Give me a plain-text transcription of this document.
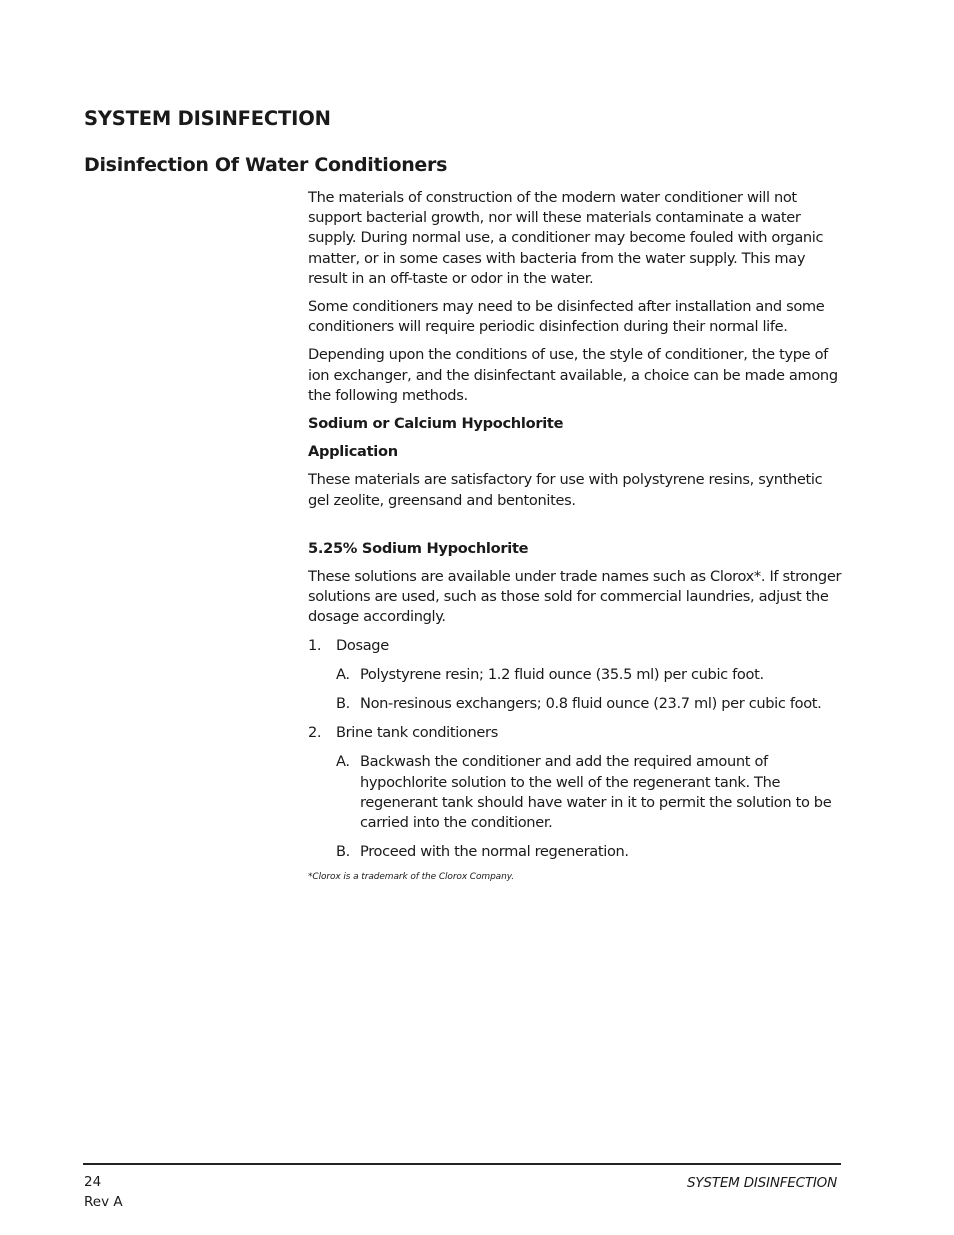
SYSTEM DISINFECTION
Disinfection Of Water Conditioners

The materials of construction of the modern water conditioner will not support bacterial growth, nor will these materials contaminate a water supply. During normal use, a conditioner may become fouled with organic matter, or in some cases with bacteria from the water supply. This may result in an off-taste or odor in the water.

Some conditioners may need to be disinfected after installation and some conditioners will require periodic disinfection during their normal life.

Depending upon the conditions of use, the style of conditioner, the type of ion exchanger, and the disinfectant available, a choice can be made among the following methods.

Sodium or Calcium Hypochlorite
Application

These materials are satisfactory for use with polystyrene resins, synthetic gel zeolite, greensand and bentonites.

5.25% Sodium Hypochlorite

These solutions are available under trade names such as Clorox*. If stronger solutions are used, such as those sold for commercial laundries, adjust the dosage accordingly.

1. Dosage
A. Polystyrene resin; 1.2 fluid ounce (35.5 ml) per cubic foot.
B. Non-resinous exchangers; 0.8 fluid ounce (23.7 ml) per cubic foot.
2. Brine tank conditioners
A. Backwash the conditioner and add the required amount of hypochlorite solution to the well of the regenerant tank. The regenerant tank should have water in it to permit the solution to be carried into the conditioner.
B. Proceed with the normal regeneration.
*Clorox is a trademark of the Clorox Company.
24
Rev A
SYSTEM DISINFECTION
